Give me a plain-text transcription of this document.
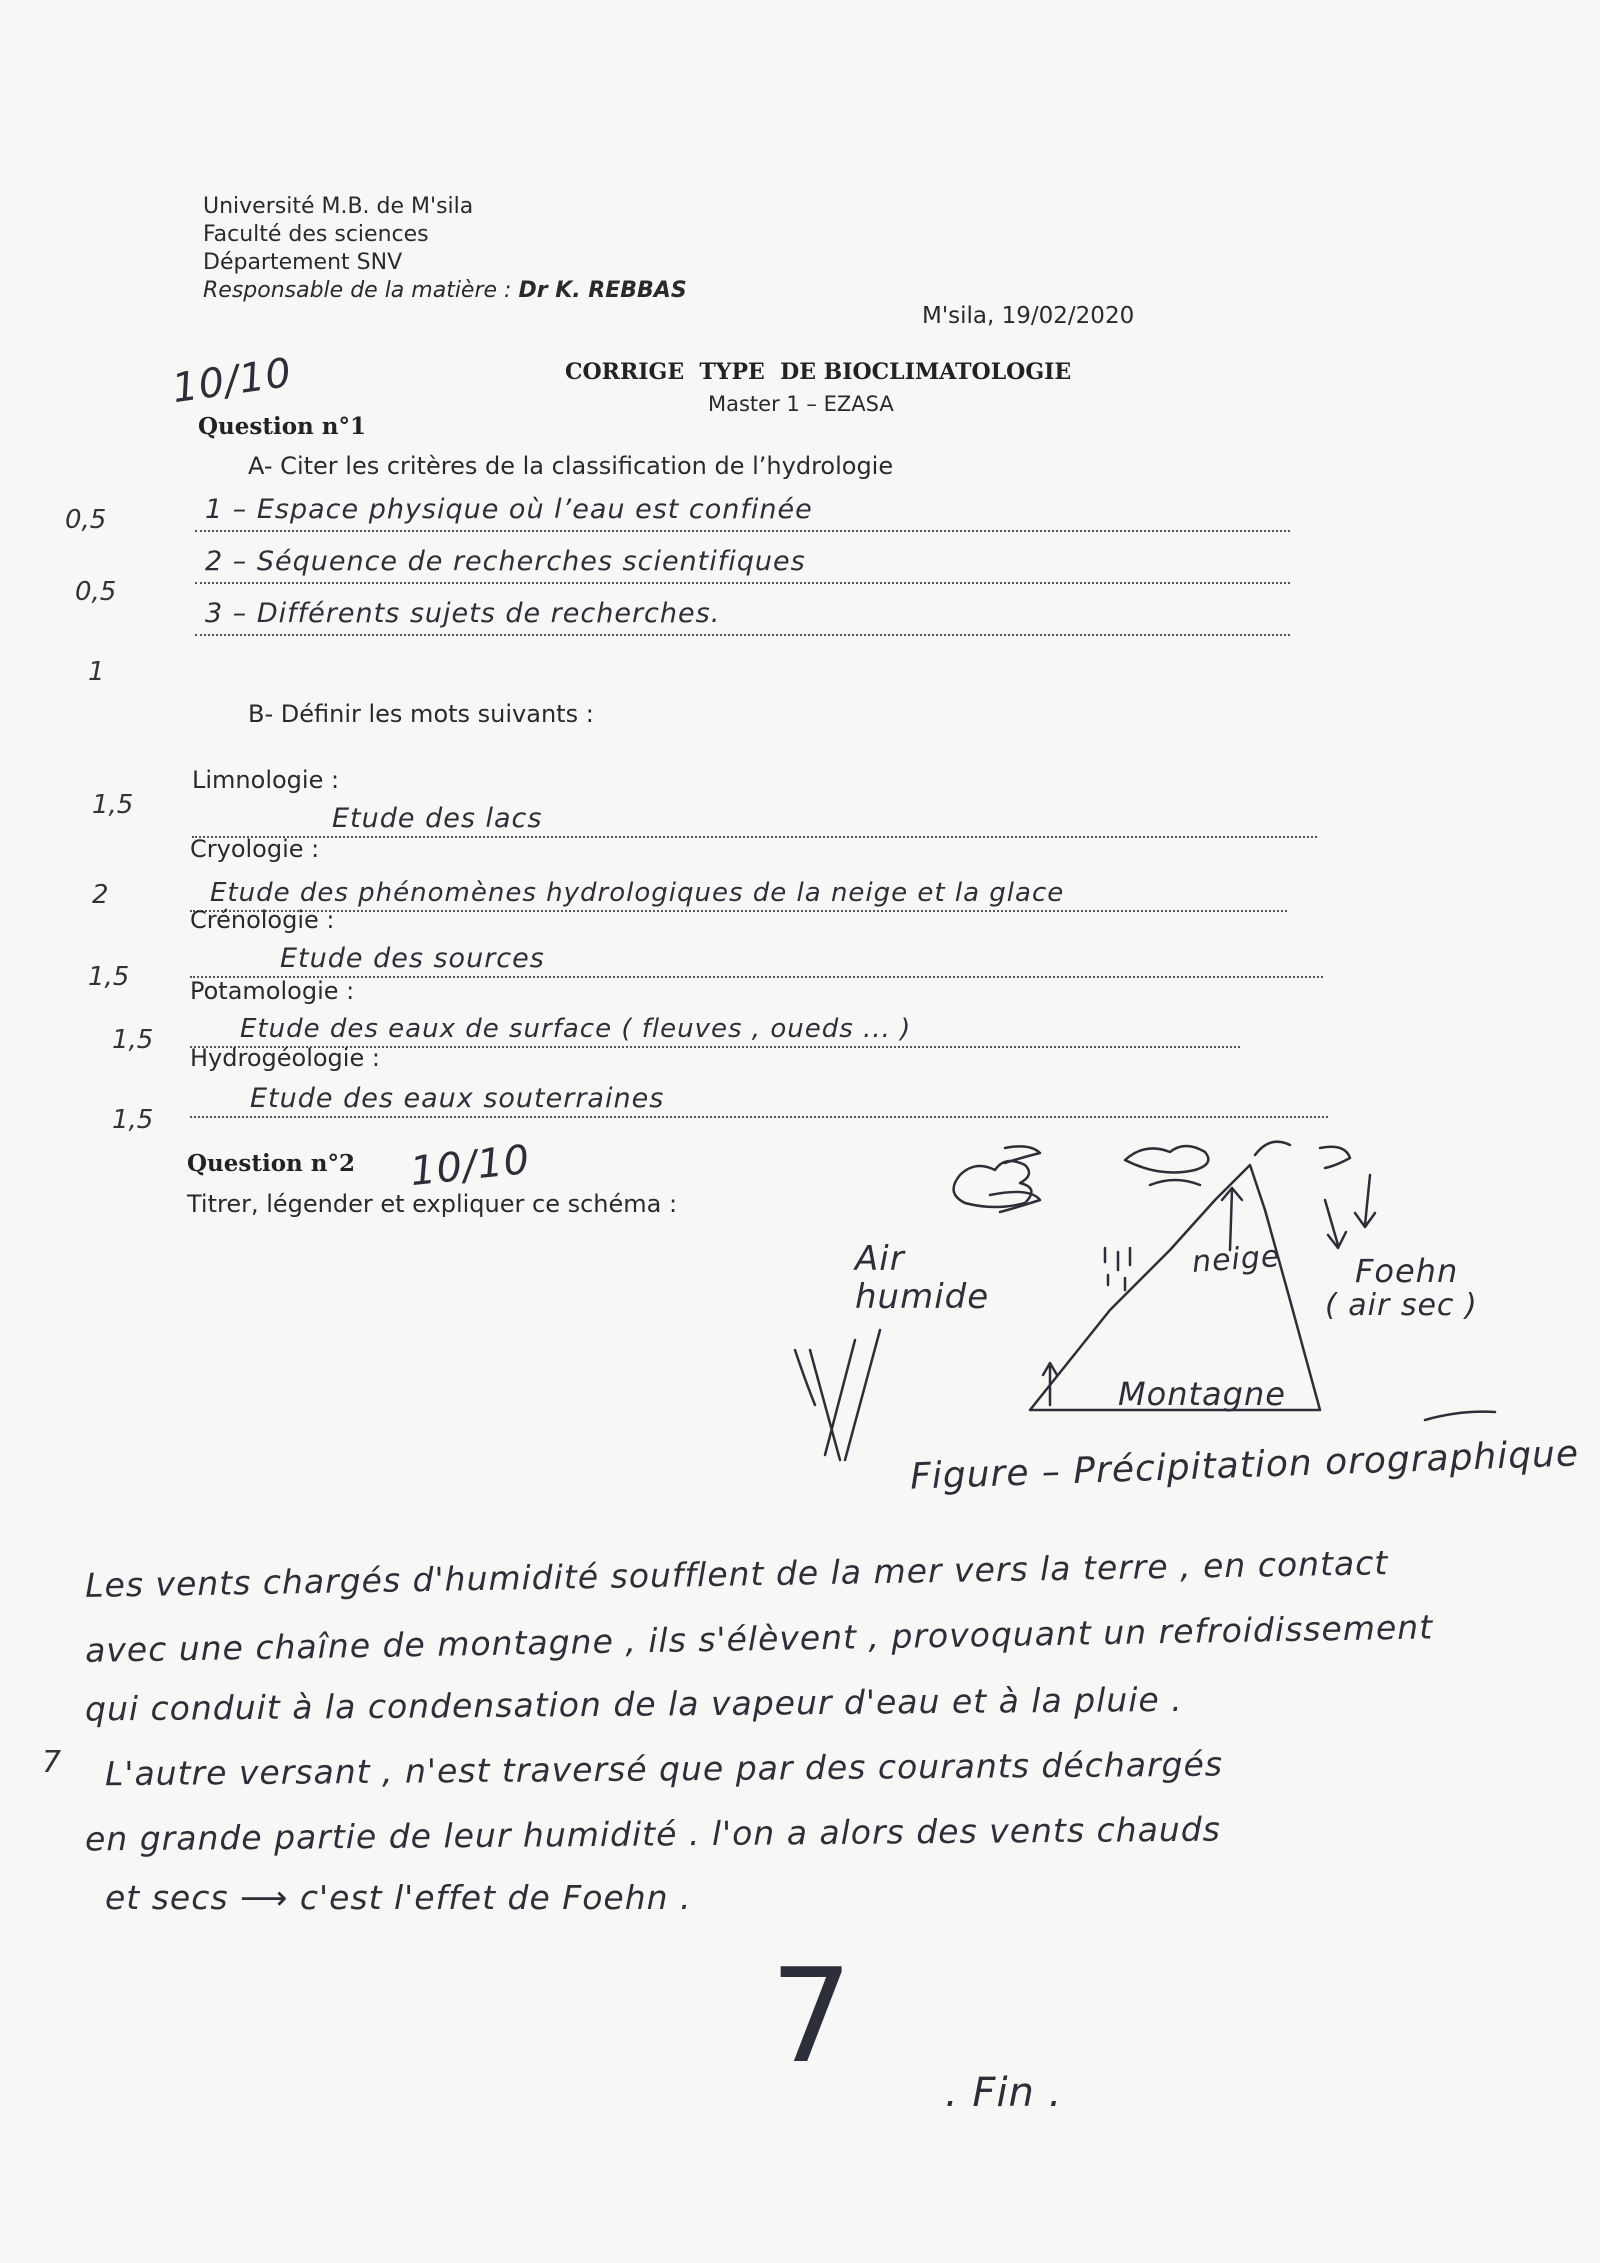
Université M.B. de M'sila
Faculté des sciences
Département SNV
Responsable de la matière : Dr K. REBBAS
M'sila, 19/02/2020
CORRIGE  TYPE  DE BIOCLIMATOLOGIE
Master 1 – EZASA
10/10
Question n°1
A- Citer les critères de la classification de l’hydrologie
1 – Espace physique où l’eau est confinée
2 – Séquence de recherches scientifiques
3 – Différents sujets de recherches.
0,5
0,5
1
B- Définir les mots suivants :
Limnologie :
Etude des lacs
1,5
Cryologie :
Etude des phénomènes hydrologiques de la neige et la glace
2
Crénologie :
Etude des sources
1,5	Potamologie :
Etude des eaux de surface ( fleuves , oueds ... )
1,5
Hydrogéologie :
Etude des eaux souterraines
1,5
Question n°2 10/10
Titrer, légender et expliquer ce schéma :
Air humide
neige Foehn
( air sec )
Montagne
Figure – Précipitation orographique
Les vents chargés d'humidité soufflent de la mer vers la terre , en contact
avec une chaîne de montagne , ils s'élèvent , provoquant un refroidissement
qui conduit à la condensation de la vapeur d'eau et à la pluie .
L'autre versant , n'est traversé que par des courants déchargés
en grande partie de leur humidité . l'on a alors des vents chauds
et secs ⟶ c'est l'effet de Foehn .
7
7
. Fin .
